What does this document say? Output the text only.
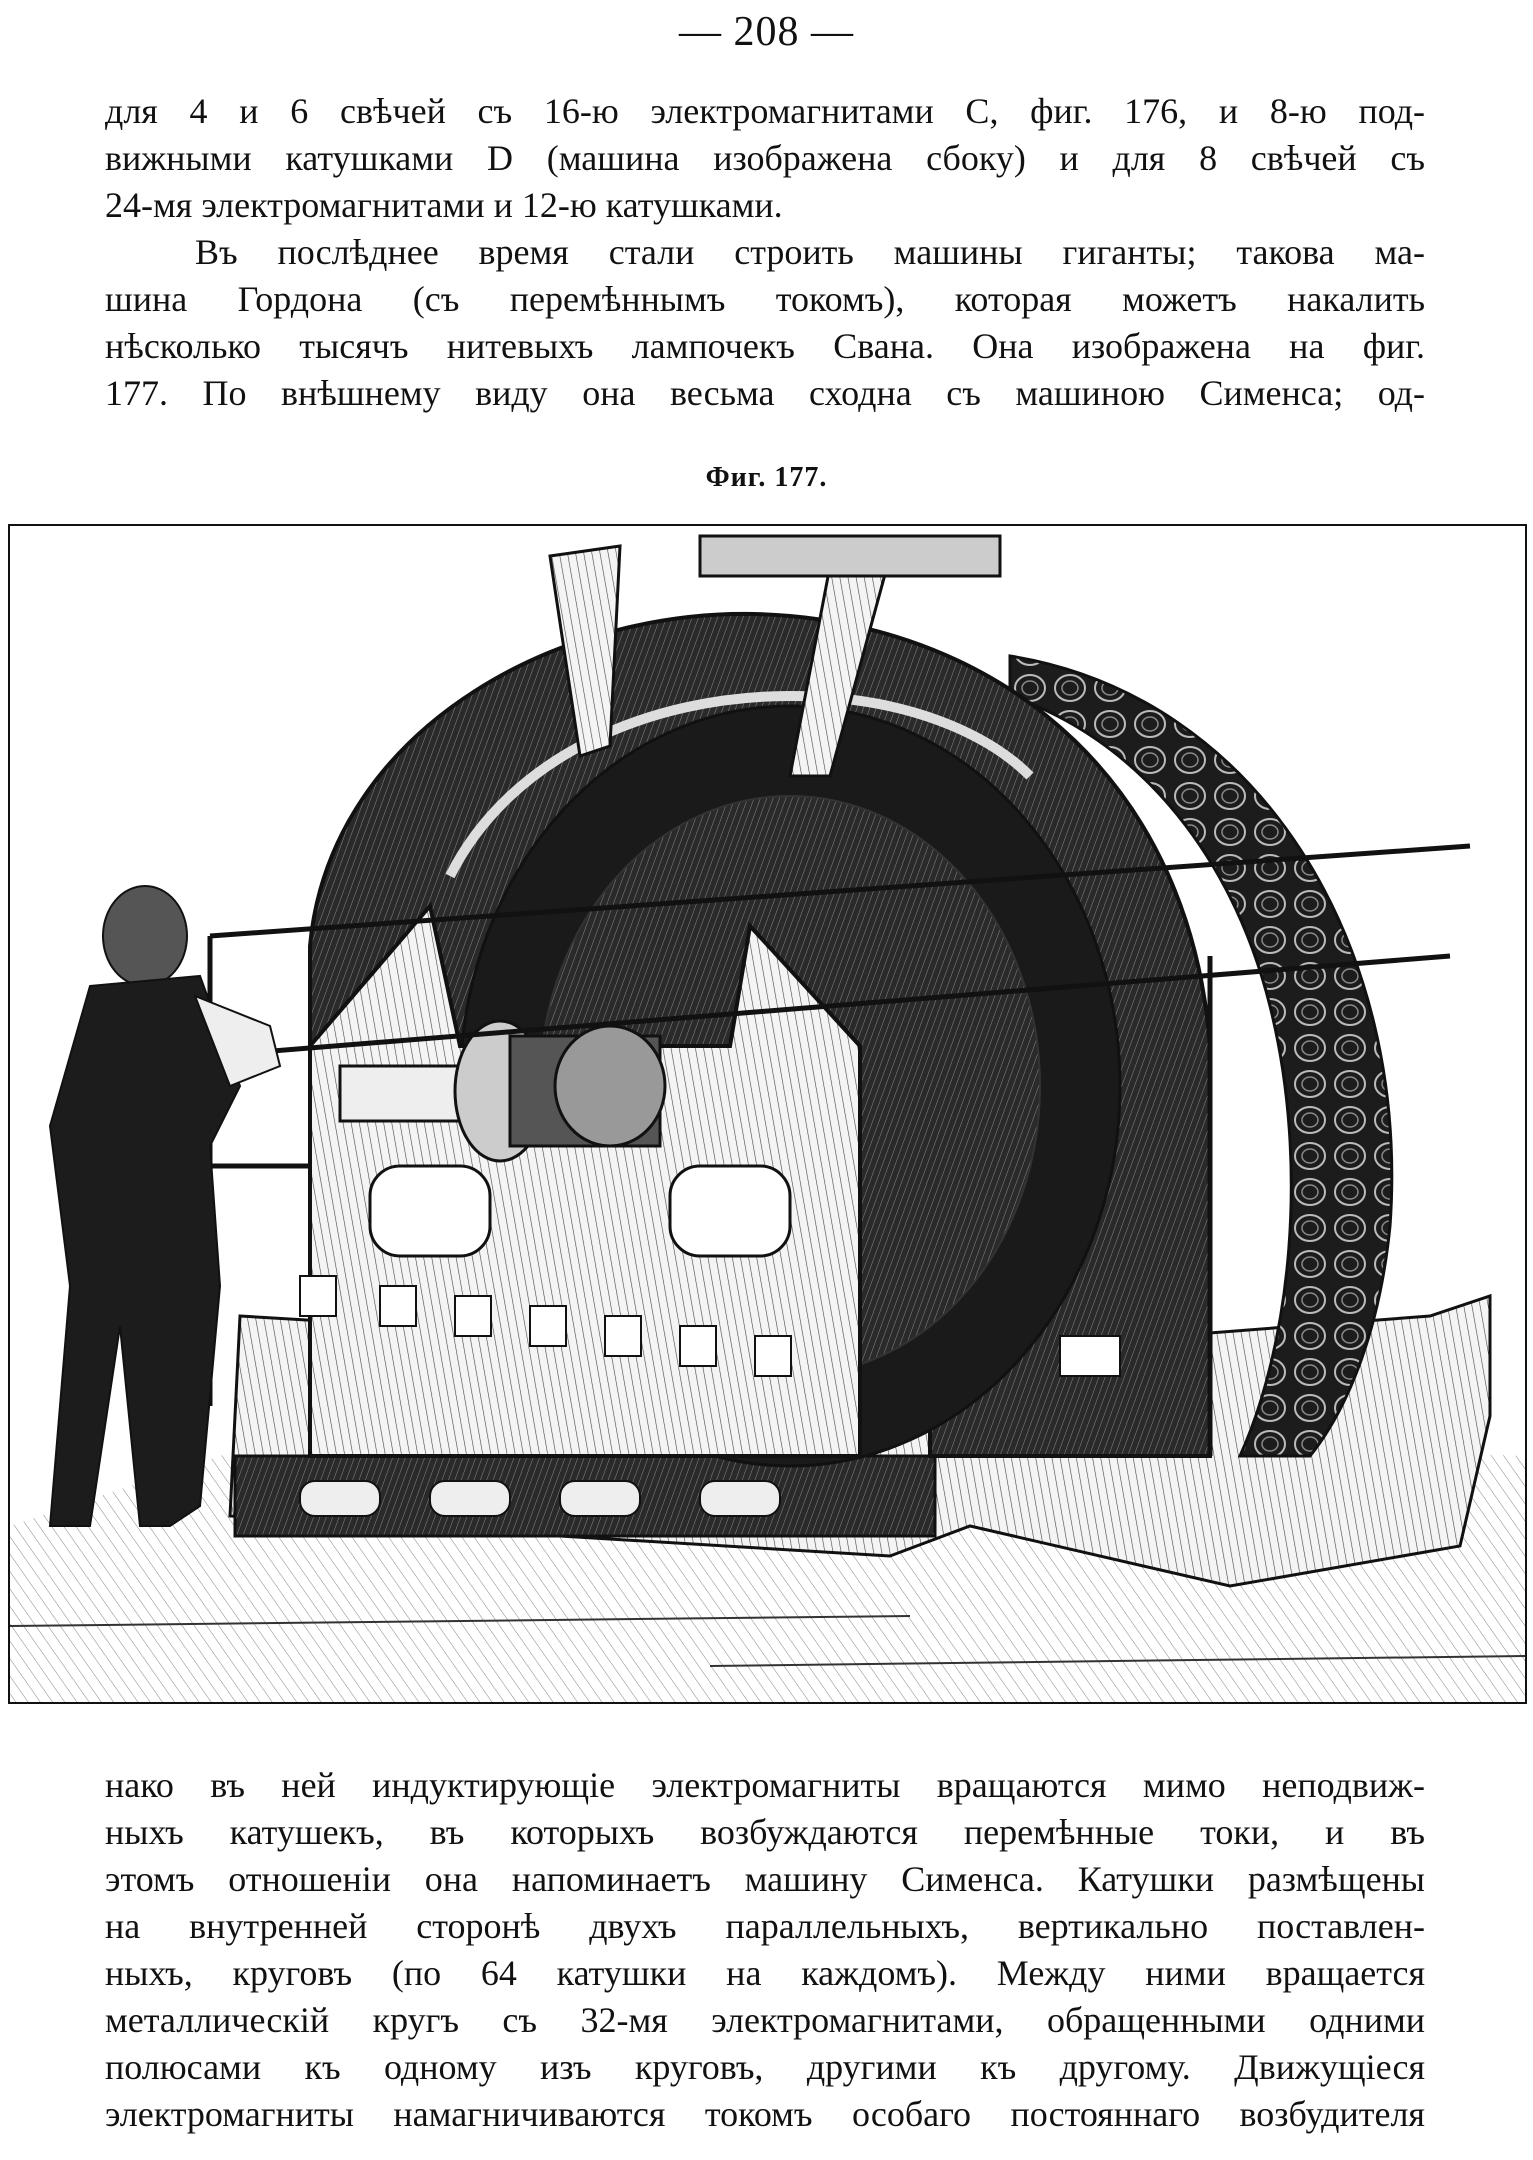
— 208 —
для 4 и 6 свѣчей съ 16-ю электромагнитами C, фиг. 176, и 8-ю под-
вижными катушками D (машина изображена сбоку) и для 8 свѣчей съ
24-мя электромагнитами и 12-ю катушками.
Въ послѣднее время стали строить машины гиганты; такова ма-
шина Гордона (съ перемѣннымъ токомъ), которая можетъ накалить
нѣсколько тысячъ нитевыхъ лампочекъ Свана. Она изображена на фиг.
177. По внѣшнему виду она весьма сходна съ машиною Сименса; од-
Фиг. 177.
нако въ ней индуктирующіе электромагниты вращаются мимо неподвиж-
ныхъ катушекъ, въ которыхъ возбуждаются перемѣнные токи, и въ
этомъ отношеніи она напоминаетъ машину Сименса. Катушки размѣщены
на внутренней сторонѣ двухъ параллельныхъ, вертикально поставлен-
ныхъ, круговъ (по 64 катушки на каждомъ). Между ними вращается
металлическій кругъ съ 32-мя электромагнитами, обращенными одними
полюсами къ одному изъ круговъ, другими къ другому. Движущіеся
электромагниты намагничиваются токомъ особаго постояннаго возбудителя
